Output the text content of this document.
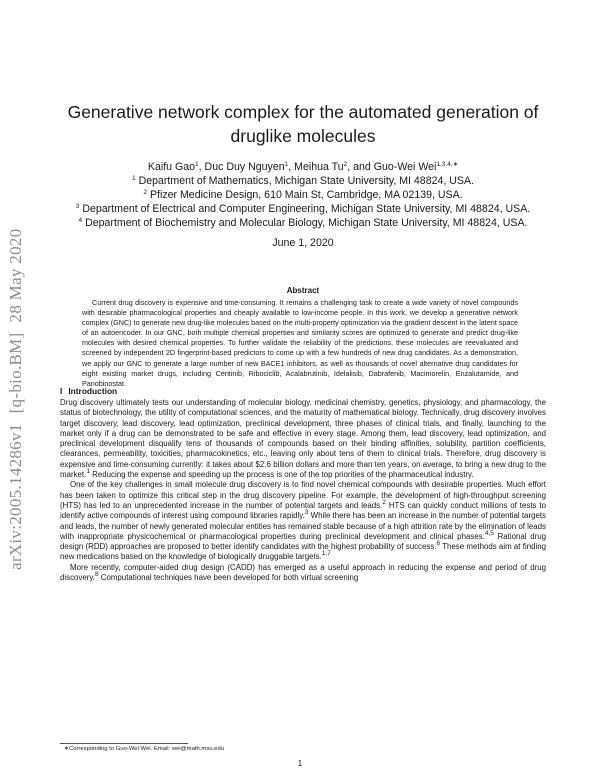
arXiv:2005.14286v1[q-bio.BM]28 May 2020
Generative network complex for the automated generation of druglike molecules
Kaifu Gao$^1$, Duc Duy Nguyen$^1$, Meihua Tu$^2$, and Guo-Wei Wei$^{1,3,4,∗}$
$^1$ Department of Mathematics, Michigan State University, MI 48824, USA.
$^2$ Pfizer Medicine Design, 610 Main St, Cambridge, MA 02139, USA.
$^3$ Department of Electrical and Computer Engineering, Michigan State University, MI 48824, USA.
$^4$ Department of Biochemistry and Molecular Biology, Michigan State University, MI 48824, USA.
June 1, 2020
Abstract
Current drug discovery is expensive and time-consuming. It remains a challenging task to create a wide variety of novel compounds with desirable pharmacological properties and cheaply available to low-income people. In this work, we develop a generative network complex (GNC) to generate new drug-like molecules based on the multi-property optimization via the gradient descent in the latent space of an autoencoder. In our GNC, both multiple chemical properties and similarity scores are optimized to generate and predict drug-like molecules with desired chemical properties. To further validate the reliability of the predictions, these molecules are reevaluated and screened by independent 2D fingerprint-based predictors to come up with a few hundreds of new drug candidates. As a demonstration, we apply our GNC to generate a large number of new BACE1 inhibitors, as well as thousands of novel alternative drug candidates for eight existing market drugs, including Ceritinib, Ribociclib, Acalabrutinib, Idelalisib, Dabrafenib, Macimorelin, Enzalutamide, and Panobinostat.
I Introduction

Drug discovery ultimately tests our understanding of molecular biology, medicinal chemistry, genetics, physiology, and pharmacology, the status of biotechnology, the utility of computational sciences, and the maturity of mathematical biology. Technically, drug discovery involves target discovery, lead discovery, lead optimization, preclinical development, three phases of clinical trials, and finally, launching to the market only if a drug can be demonstrated to be safe and effective in every stage. Among them, lead discovery, lead optimization, and preclinical development disqualify tens of thousands of compounds based on their binding affinities, solubility, partition coefficients, clearances, permeability, toxicities, pharmacokinetics, etc., leaving only about tens of them to clinical trials. Therefore, drug discovery is expensive and time-consuming currently: it takes about $2.6 billion dollars and more than ten years, on average, to bring a new drug to the market.$^1$ Reducing the expense and speeding up the process is one of the top priorities of the pharmaceutical industry.

One of the key challenges in small molecule drug discovery is to find novel chemical compounds with desirable properties. Much effort has been taken to optimize this critical step in the drug discovery pipeline. For example, the development of high-throughput screening (HTS) has led to an unprecedented increase in the number of potential targets and leads.$^2$ HTS can quickly conduct millions of tests to identify active compounds of interest using compound libraries rapidly.$^3$ While there has been an increase in the number of potential targets and leads, the number of newly generated molecular entities has remained stable because of a high attrition rate by the elimination of leads with inappropriate physicochemical or pharmacological properties during preclinical development and clinical phases.$^{4,5}$ Rational drug design (RDD) approaches are proposed to better identify candidates with the highest probability of success.$^6$ These methods aim at finding new medications based on the knowledge of biologically druggable targets.$^{1,7}$

More recently, computer-aided drug design (CADD) has emerged as a useful approach in reducing the expense and period of drug discovery.$^8$ Computational techniques have been developed for both virtual screening

∗Corresponding to Guo-Wei Wei. Email: wei@math.msu.edu
1
